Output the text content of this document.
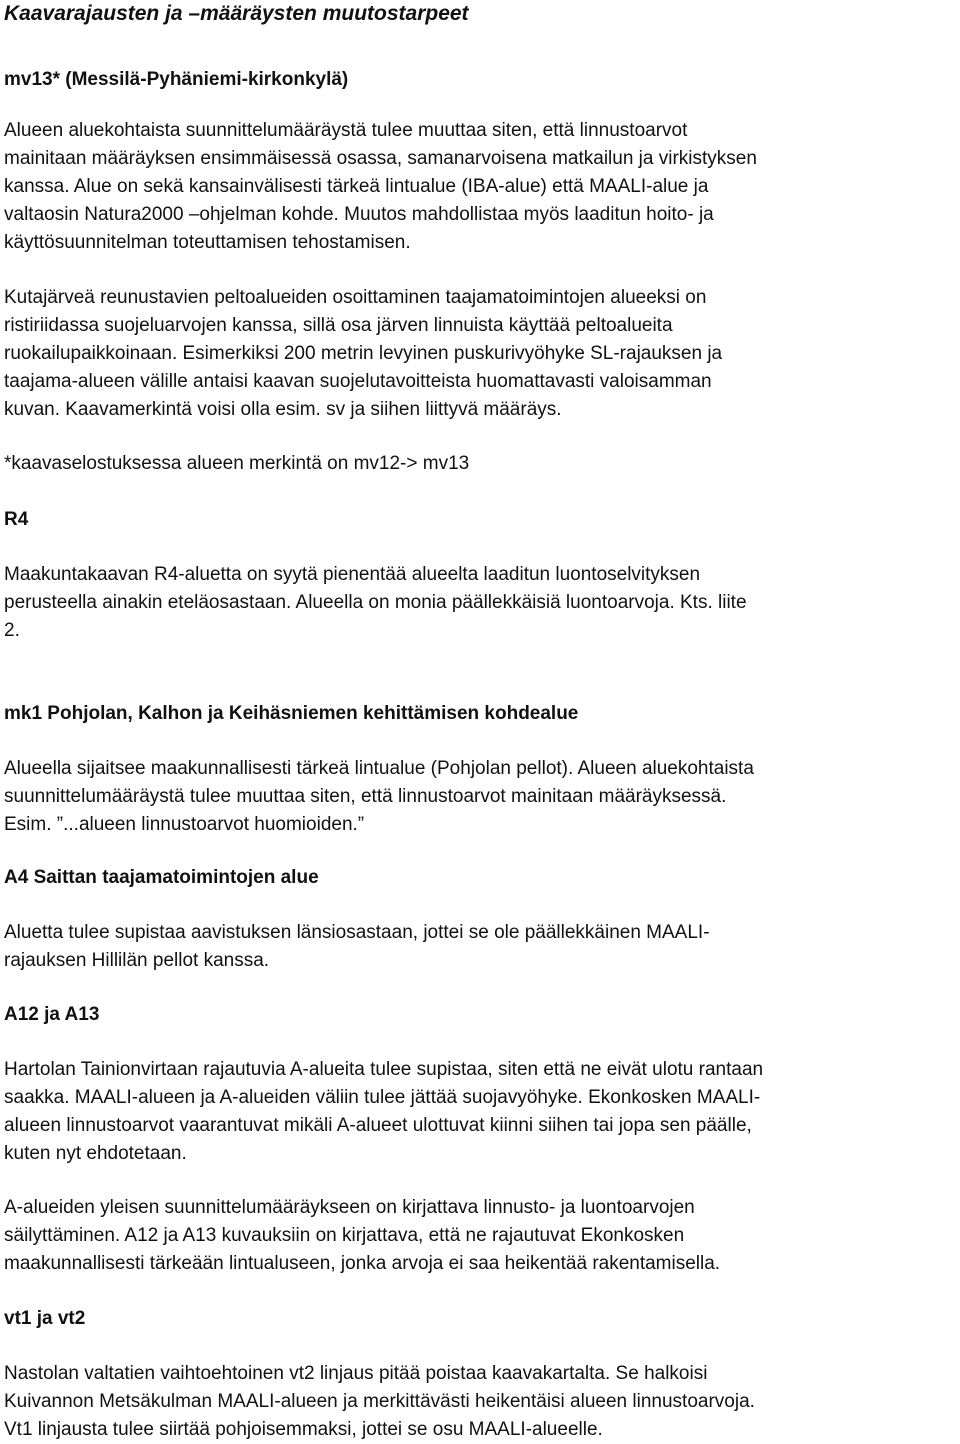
Kaavarajausten ja –määräysten muutostarpeet
mv13* (Messilä-Pyhäniemi-kirkonkylä)
Alueen aluekohtaista suunnittelumääräystä tulee muuttaa siten, että linnustoarvot
mainitaan määräyksen ensimmäisessä osassa, samanarvoisena matkailun ja virkistyksen
kanssa. Alue on sekä kansainvälisesti tärkeä lintualue (IBA-alue) että MAALI-alue ja
valtaosin Natura2000 –ohjelman kohde. Muutos mahdollistaa myös laaditun hoito- ja
käyttösuunnitelman toteuttamisen tehostamisen.
Kutajärveä reunustavien peltoalueiden osoittaminen taajamatoimintojen alueeksi on
ristiriidassa suojeluarvojen kanssa, sillä osa järven linnuista käyttää peltoalueita
ruokailupaikkoinaan. Esimerkiksi 200 metrin levyinen puskurivyöhyke SL-rajauksen ja
taajama-alueen välille antaisi kaavan suojelutavoitteista huomattavasti valoisamman
kuvan. Kaavamerkintä voisi olla esim. sv ja siihen liittyvä määräys.
*kaavaselostuksessa alueen merkintä on mv12-> mv13
R4
Maakuntakaavan R4-aluetta on syytä pienentää alueelta laaditun luontoselvityksen
perusteella ainakin eteläosastaan. Alueella on monia päällekkäisiä luontoarvoja. Kts. liite
2.
mk1 Pohjolan, Kalhon ja Keihäsniemen kehittämisen kohdealue
Alueella sijaitsee maakunnallisesti tärkeä lintualue (Pohjolan pellot). Alueen aluekohtaista
suunnittelumääräystä tulee muuttaa siten, että linnustoarvot mainitaan määräyksessä.
Esim. ”...alueen linnustoarvot huomioiden.”
A4 Saittan taajamatoimintojen alue
Aluetta tulee supistaa aavistuksen länsiosastaan, jottei se ole päällekkäinen MAALI-
rajauksen Hillilän pellot kanssa.
A12 ja A13
Hartolan Tainionvirtaan rajautuvia A-alueita tulee supistaa, siten että ne eivät ulotu rantaan
saakka. MAALI-alueen ja A-alueiden väliin tulee jättää suojavyöhyke. Ekonkosken MAALI-
alueen linnustoarvot vaarantuvat mikäli A-alueet ulottuvat kiinni siihen tai jopa sen päälle,
kuten nyt ehdotetaan.
A-alueiden yleisen suunnittelumääräykseen on kirjattava linnusto- ja luontoarvojen
säilyttäminen. A12 ja A13 kuvauksiin on kirjattava, että ne rajautuvat Ekonkosken
maakunnallisesti tärkeään lintualuseen, jonka arvoja ei saa heikentää rakentamisella.
vt1 ja vt2
Nastolan valtatien vaihtoehtoinen vt2 linjaus pitää poistaa kaavakartalta. Se halkoisi
Kuivannon Metsäkulman MAALI-alueen ja merkittävästi heikentäisi alueen linnustoarvoja.
Vt1 linjausta tulee siirtää pohjoisemmaksi, jottei se osu MAALI-alueelle.
